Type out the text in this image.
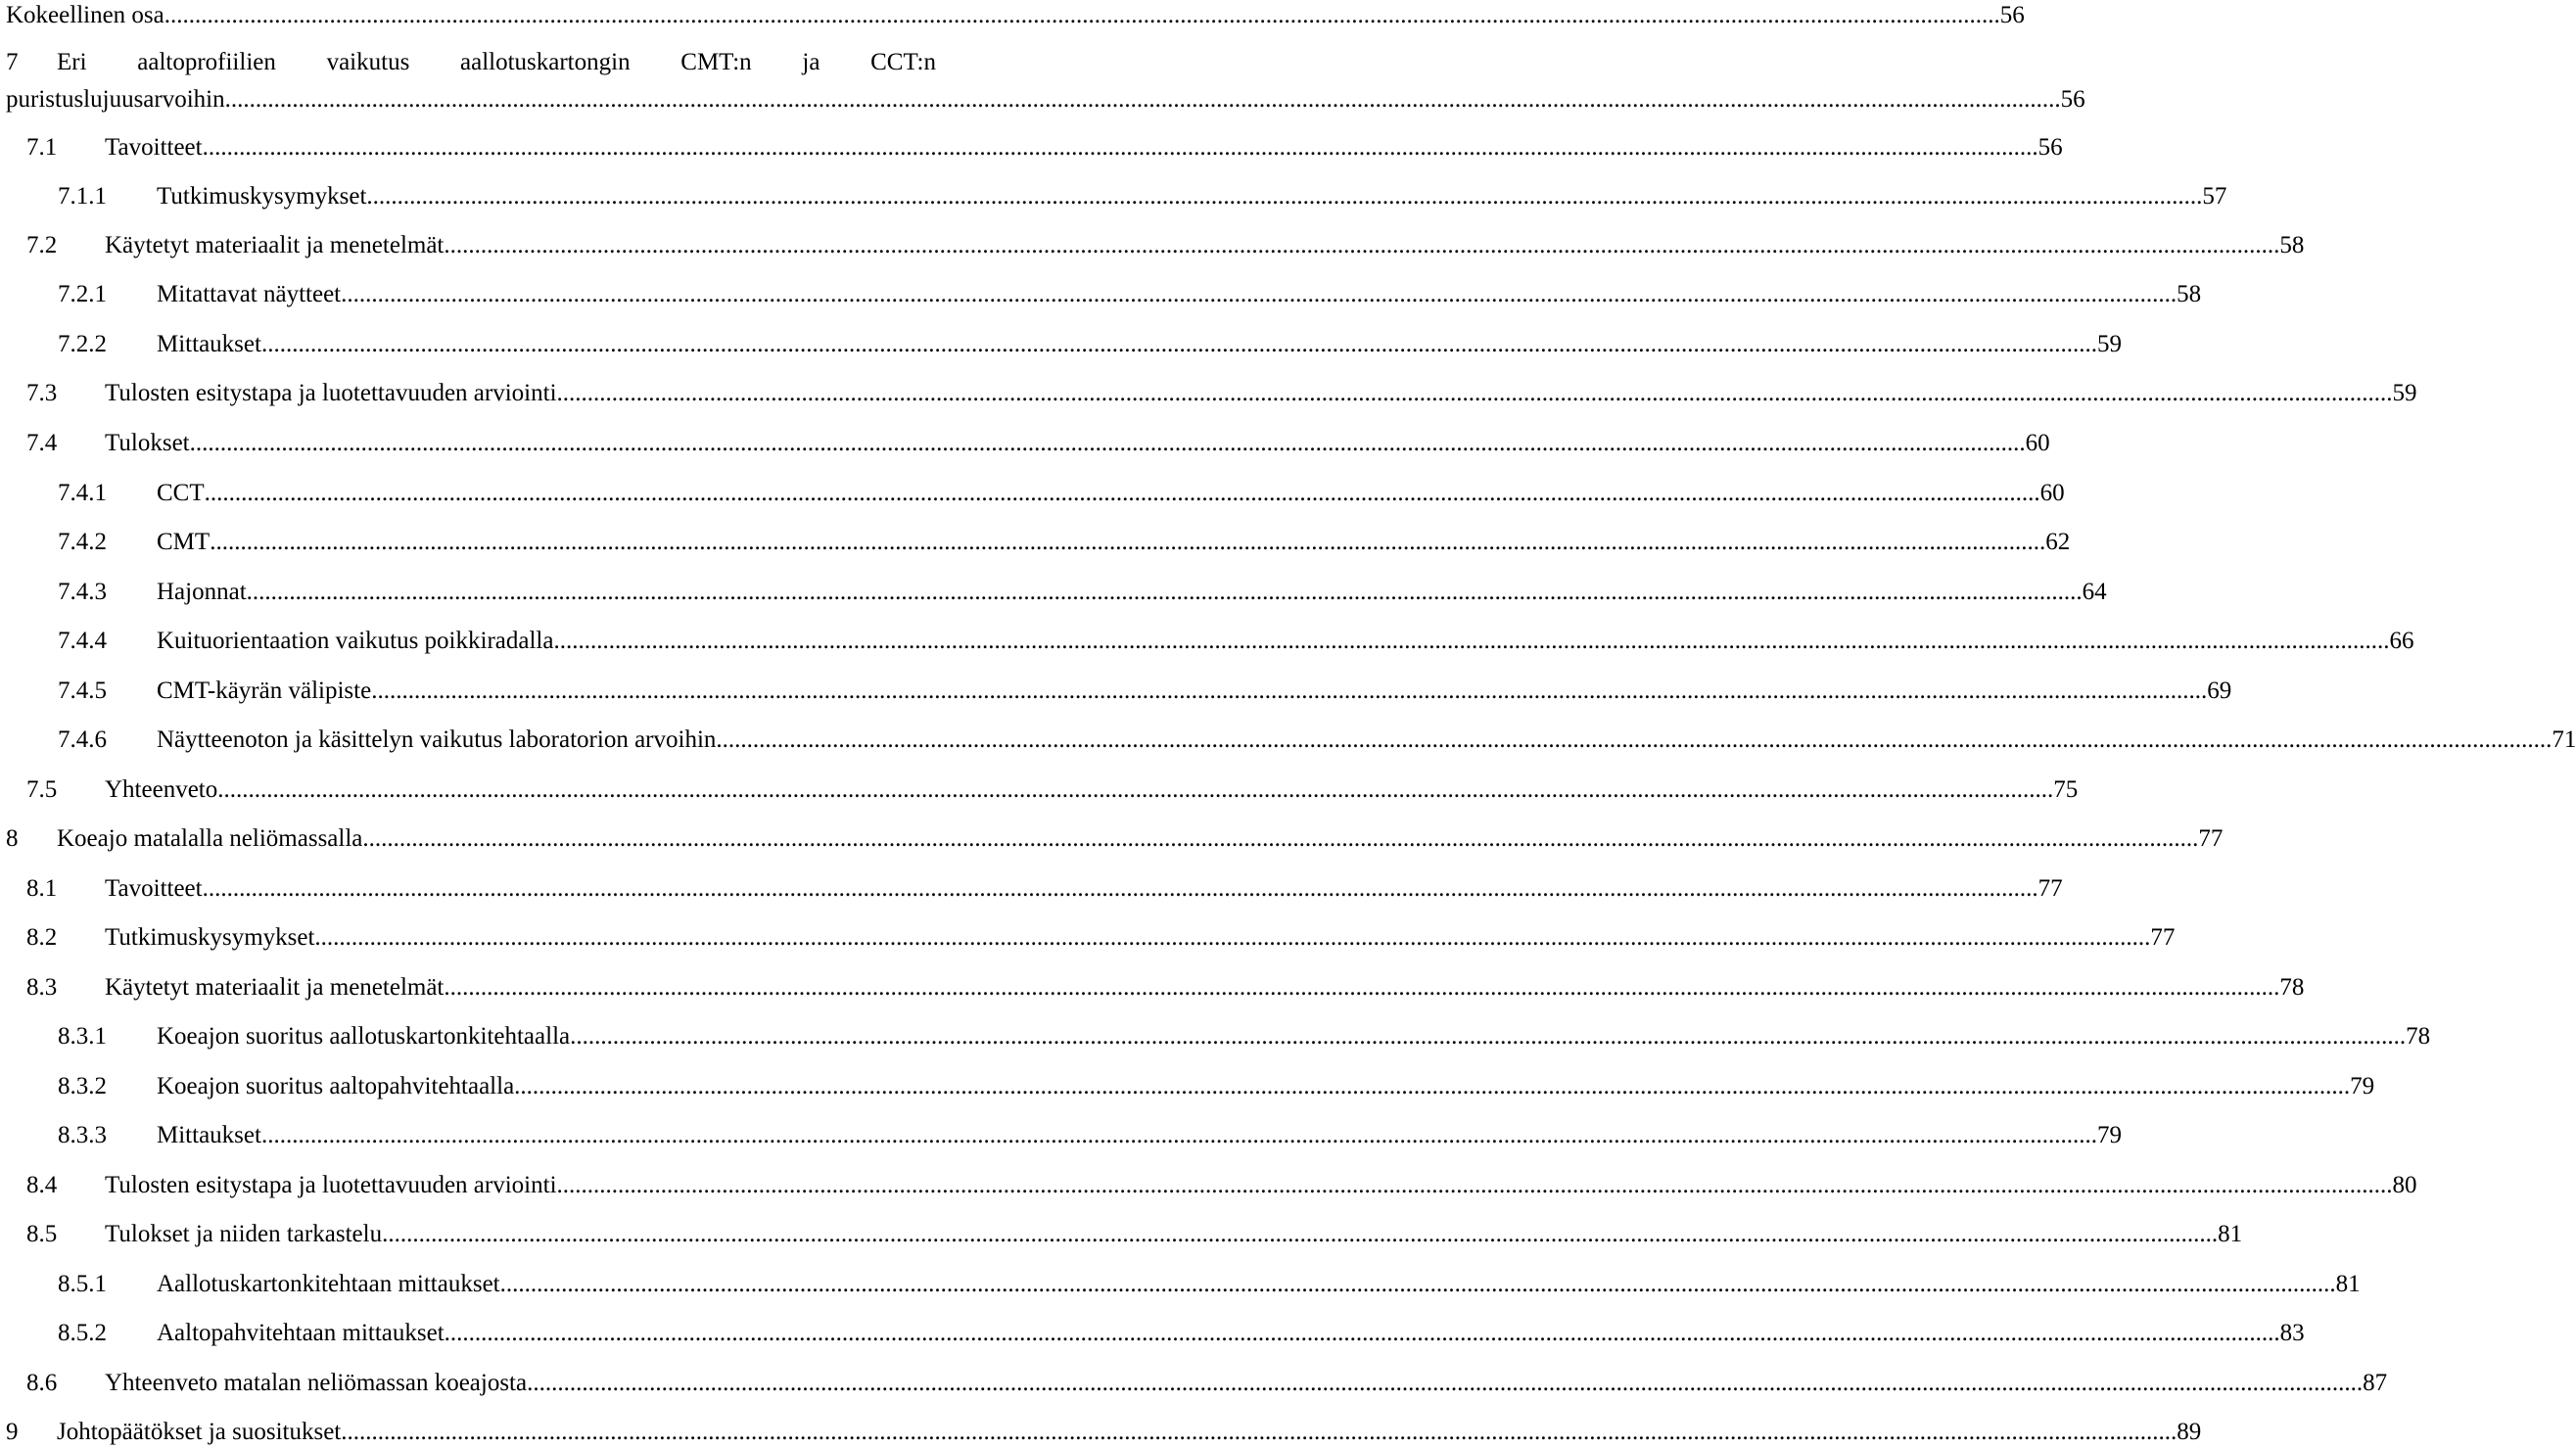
Kokeellinen osa ............................................................................................................................................................................................................................................................................................................ 56
7 Eri aaltoprofiilien vaikutus aallotuskartongin CMT:n ja CCT:n
puristuslujuusarvoihin ............................................................................................................................................................................................................................................................................................................ 56
7.1 Tavoitteet ............................................................................................................................................................................................................................................................................................................ 56
7.1.1 Tutkimuskysymykset ............................................................................................................................................................................................................................................................................................................ 57
7.2 Käytetyt materiaalit ja menetelmät ............................................................................................................................................................................................................................................................................................................ 58
7.2.1 Mitattavat näytteet ............................................................................................................................................................................................................................................................................................................ 58
7.2.2 Mittaukset ............................................................................................................................................................................................................................................................................................................ 59
7.3 Tulosten esitystapa ja luotettavuuden arviointi ............................................................................................................................................................................................................................................................................................................ 59
7.4 Tulokset ............................................................................................................................................................................................................................................................................................................ 60
7.4.1 CCT ............................................................................................................................................................................................................................................................................................................ 60
7.4.2 CMT ............................................................................................................................................................................................................................................................................................................ 62
7.4.3 Hajonnat ............................................................................................................................................................................................................................................................................................................ 64
7.4.4 Kuituorientaation vaikutus poikkiradalla ............................................................................................................................................................................................................................................................................................................ 66
7.4.5 CMT-käyrän välipiste ............................................................................................................................................................................................................................................................................................................ 69
7.4.6 Näytteenoton ja käsittelyn vaikutus laboratorion arvoihin ............................................................................................................................................................................................................................................................................................................ 71
7.5 Yhteenveto ............................................................................................................................................................................................................................................................................................................ 75
8 Koeajo matalalla neliömassalla ............................................................................................................................................................................................................................................................................................................ 77
8.1 Tavoitteet ............................................................................................................................................................................................................................................................................................................ 77
8.2 Tutkimuskysymykset ............................................................................................................................................................................................................................................................................................................ 77
8.3 Käytetyt materiaalit ja menetelmät ............................................................................................................................................................................................................................................................................................................ 78
8.3.1 Koeajon suoritus aallotuskartonkitehtaalla ............................................................................................................................................................................................................................................................................................................ 78
8.3.2 Koeajon suoritus aaltopahvitehtaalla ............................................................................................................................................................................................................................................................................................................ 79
8.3.3 Mittaukset ............................................................................................................................................................................................................................................................................................................ 79
8.4 Tulosten esitystapa ja luotettavuuden arviointi ............................................................................................................................................................................................................................................................................................................ 80
8.5 Tulokset ja niiden tarkastelu ............................................................................................................................................................................................................................................................................................................ 81
8.5.1 Aallotuskartonkitehtaan mittaukset ............................................................................................................................................................................................................................................................................................................ 81
8.5.2 Aaltopahvitehtaan mittaukset ............................................................................................................................................................................................................................................................................................................ 83
8.6 Yhteenveto matalan neliömassan koeajosta ............................................................................................................................................................................................................................................................................................................ 87
9 Johtopäätökset ja suositukset ............................................................................................................................................................................................................................................................................................................ 89
